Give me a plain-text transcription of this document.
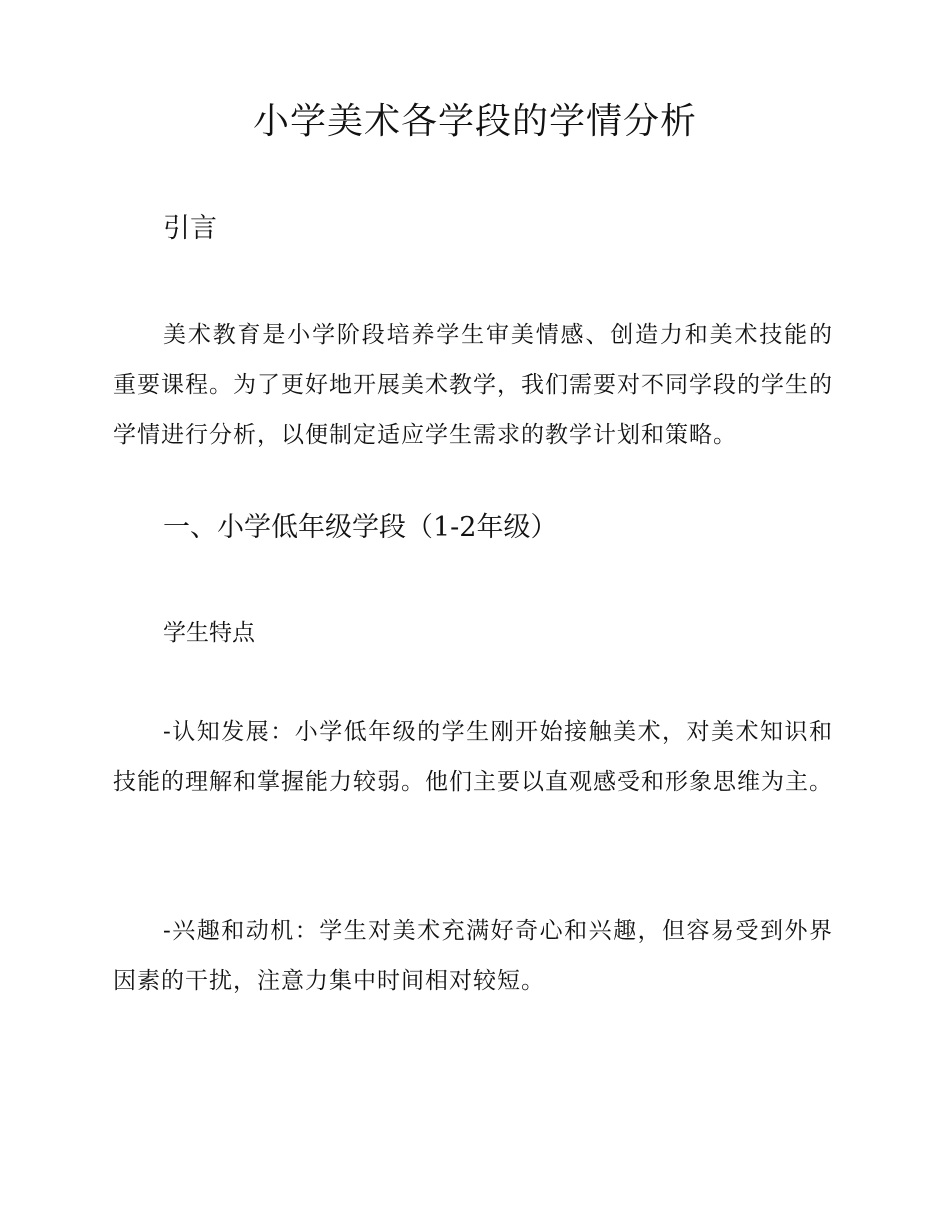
小学美术各学段的学情分析
引言
美术教育是小学阶段培养学生审美情感、创造力和美术技能的重要课程。为了更好地开展美术教学，我们需要对不同学段的学生的学情进行分析，以便制定适应学生需求的教学计划和策略。
一、小学低年级学段（1-2年级）
学生特点
-认知发展：小学低年级的学生刚开始接触美术，对美术知识和技能的理解和掌握能力较弱。他们主要以直观感受和形象思维为主。
-兴趣和动机：学生对美术充满好奇心和兴趣，但容易受到外界因素的干扰，注意力集中时间相对较短。
